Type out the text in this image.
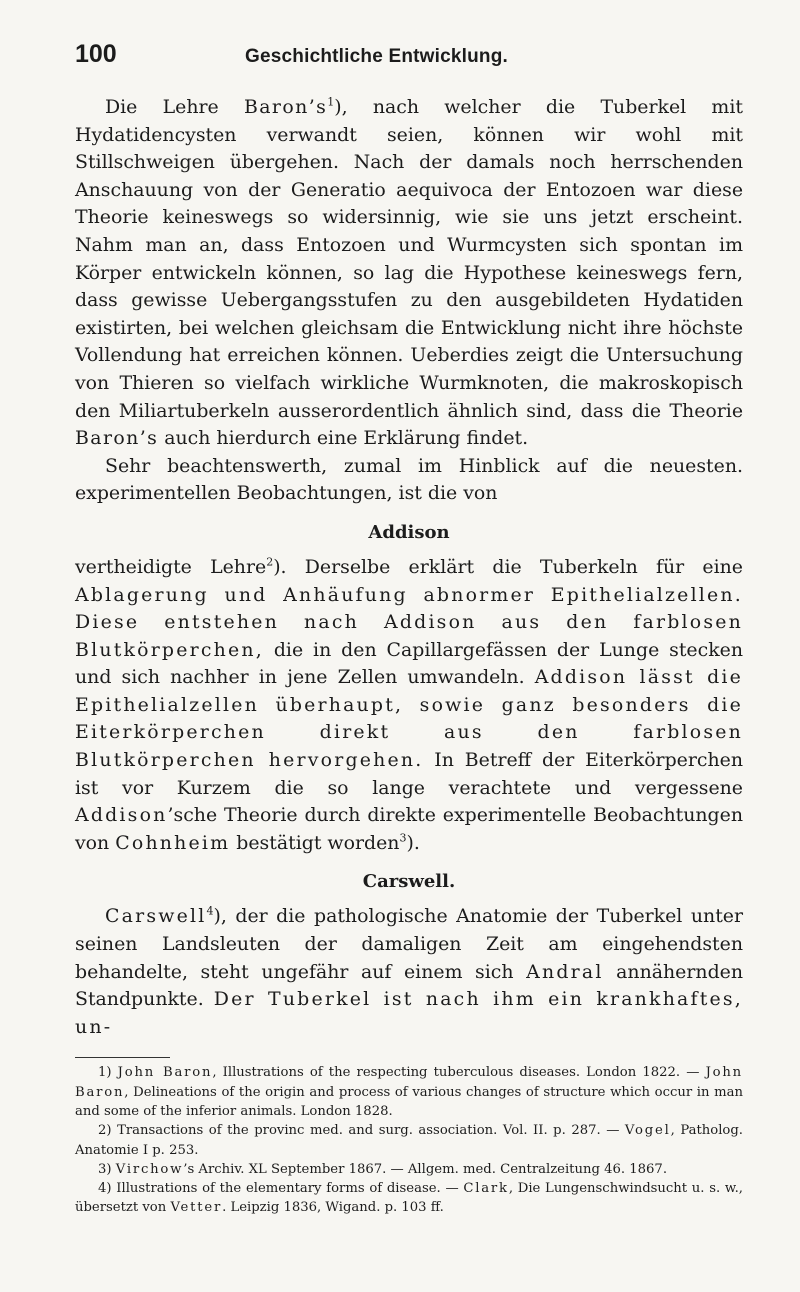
100	Geschichtliche Entwicklung.

Die Lehre $Baron’s^1$), nach welcher die Tuberkel mit Hydatidencysten verwandt seien, können wir wohl mit Stillschweigen übergehen. Nach der damals noch herrschenden Anschauung von der Generatio aequivoca der Entozoen war diese Theorie keineswegs so widersinnig, wie sie uns jetzt erscheint. Nahm man an, dass Entozoen und Wurmcysten sich spontan im Körper entwickeln können, so lag die Hypothese keineswegs fern, dass gewisse Uebergangsstufen zu den ausgebildeten Hydatiden existirten, bei welchen gleichsam die Entwicklung nicht ihre höchste Vollendung hat erreichen können. Ueberdies zeigt die Untersuchung von Thieren so vielfach wirkliche Wurmknoten, die makroskopisch den Miliartuberkeln ausserordentlich ähnlich sind, dass die Theorie Baron’s auch hierdurch eine Erklärung findet.

Sehr beachtenswerth, zumal im Hinblick auf die neuesten. experimentellen Beobachtungen, ist die von

Addison

vertheidigte Lehre$^2$). Derselbe erklärt die Tuberkeln für eine Ablagerung und Anhäufung abnormer Epithelialzellen. Diese entstehen nach Addison aus den farblosen Blutkörperchen, die in den Capillargefässen der Lunge stecken und sich nachher in jene Zellen umwandeln. Addison lässt die Epithelialzellen überhaupt, sowie ganz besonders die Eiterkörperchen direkt aus den farblosen Blutkörperchen hervorgehen. In Betreff der Eiterkörperchen ist vor Kurzem die so lange verachtete und vergessene Addison’sche Theorie durch direkte experimentelle Beobachtungen von Cohnheim bestätigt worden$^3$).

Carswell.

Carswell$^4$), der die pathologische Anatomie der Tuberkel unter seinen Landsleuten der damaligen Zeit am eingehendsten behandelte, steht ungefähr auf einem sich Andral annähernden Standpunkte. Der Tuberkel ist nach ihm ein krankhaftes, un-

1) John Baron, Illustrations of the respecting tuberculous diseases. London 1822. — John Baron, Delineations of the origin and process of various changes of structure which occur in man and some of the inferior animals. London 1828.

2) Transactions of the provinc med. and surg. association. Vol. II. p. 287. — Vogel, Patholog. Anatomie I p. 253.

3) Virchow’s Archiv. XL September 1867. — Allgem. med. Centralzeitung 46. 1867.

4) Illustrations of the elementary forms of disease. — Clark, Die Lungenschwindsucht u. s. w., übersetzt von Vetter. Leipzig 1836, Wigand. p. 103 ff.
